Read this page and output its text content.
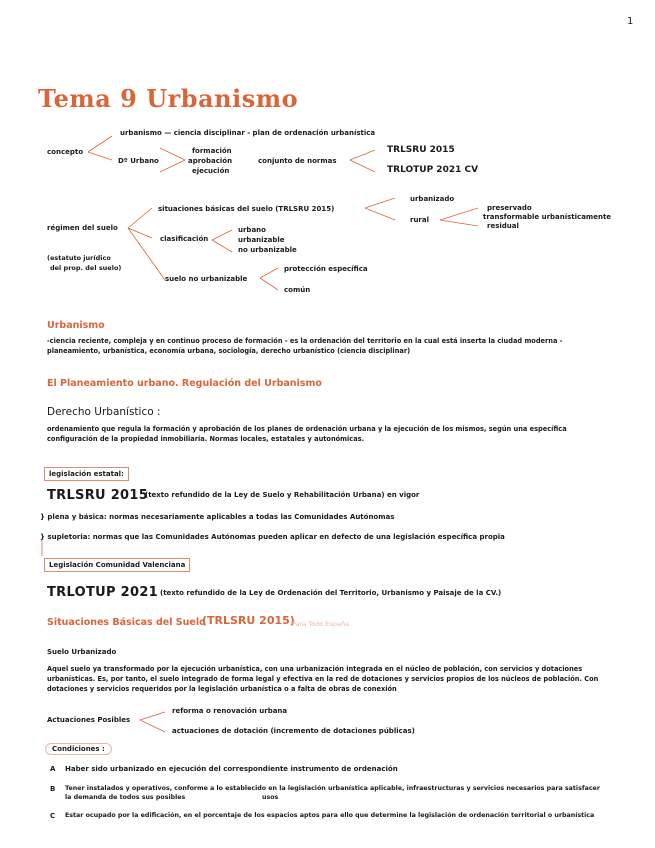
1
Tema 9 Urbanismo
concepto
urbanismo — ciencia disciplinar - plan de ordenación urbanística
Dº Urbano
formación
aprobación
ejecución
conjunto de normas
TRLSRU 2015
TRLOTUP 2021 CV
régimen del suelo
(estatuto jurídico
del prop. del suelo)
situaciones básicas del suelo (TRLSRU 2015)
urbanizado
rural
preservado
transformable urbanísticamente
residual
clasificación
urbano
urbanizable
no urbanizable
suelo no urbanizable
protección específica
común
Urbanismo
-ciencia reciente, compleja y en continuo proceso de formación - es la ordenación del territorio en la cual está inserta la ciudad moderna - planeamiento, urbanística, economía urbana, sociología, derecho urbanístico (ciencia disciplinar)
El Planeamiento urbano. Regulación del Urbanismo
Derecho Urbanístico :
ordenamiento que regula la formación y aprobación de los planes de ordenación urbana y la ejecución de los mismos, según una específica configuración de la propiedad inmobiliaria. Normas locales, estatales y autonómicas.
legislación estatal:
TRLSRU 2015
(texto refundido de la Ley de Suelo y Rehabilitación Urbana) en vigor
} plena y básica: normas necesariamente aplicables a todas las Comunidades Autónomas
} supletoria: normas que las Comunidades Autónomas pueden aplicar en defecto de una legislación específica propia
Legislación Comunidad Valenciana
TRLOTUP 2021 (texto refundido de la Ley de Ordenación del Territorio, Urbanismo y Paisaje de la CV.)
Situaciones Básicas del Suelo
(TRLSRU 2015)
Para Todo España
Suelo Urbanizado
Aquel suelo ya transformado por la ejecución urbanística, con una urbanización integrada en el núcleo de población, con servicios y dotaciones urbanísticas. Es, por tanto, el suelo integrado de forma legal y efectiva en la red de dotaciones y servicios propios de los núcleos de población. Con dotaciones y servicios requeridos por la legislación urbanística o a falta de obras de conexión
Actuaciones Posibles
reforma o renovación urbana
actuaciones de dotación (incremento de dotaciones públicas)
Condiciones :
A Haber sido urbanizado en ejecución del correspondiente instrumento de ordenación
B Tener instalados y operativos, conforme a lo establecido en la legislación urbanística aplicable, infraestructuras y servicios necesarios para satisfacer
la demanda de todos sus posibles	usos
C Estar ocupado por la edificación, en el porcentaje de los espacios aptos para ello que determine la legislación de ordenación territorial o urbanística
